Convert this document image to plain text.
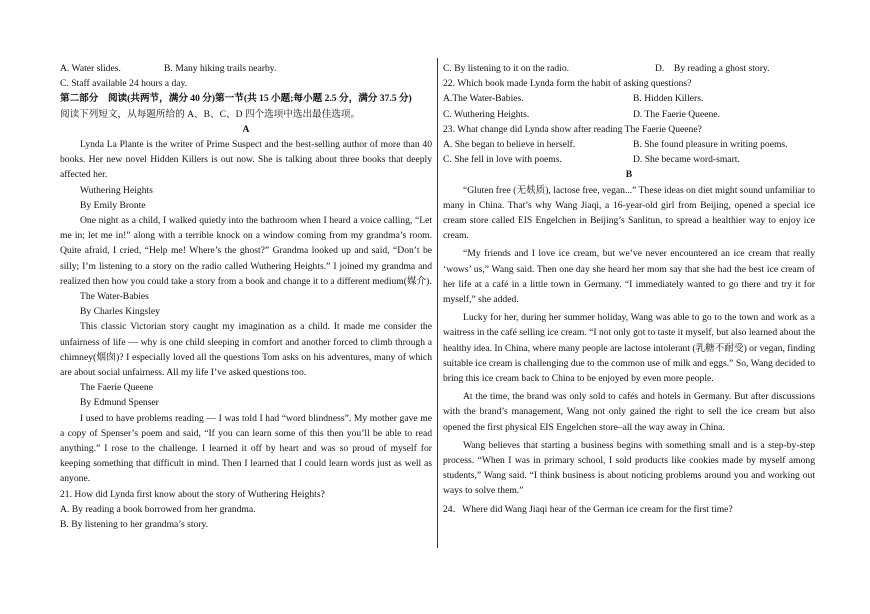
A. Water slides.	B. Many hiking trails nearby.
C. Staff available 24 hours a day.
第二部分　阅读(共两节，满分 40 分)第一节(共 15 小题;每小题 2.5 分，满分 37.5 分)
阅读下列短文，从每题所给的 A、B、C、D 四个选项中选出最佳选项。
A
Lynda La Plante is the writer of Prime Suspect and the best-selling author of more than 40 books. Her new novel Hidden Killers is out now. She is talking about three books that deeply affected her.
Wuthering Heights
By Emily Bronte
One night as a child, I walked quietly into the bathroom when I heard a voice calling, “Let me in; let me in!” along with a terrible knock on a window coming from my grandma’s room. Quite afraid, I cried, “Help me! Where’s the ghost?” Grandma looked up and said, “Don’t be silly; I’m listening to a story on the radio called Wuthering Heights.” I joined my grandma and realized then how you could take a story from a book and change it to a different medium(媒介).
The Water-Babies
By Charles Kingsley
This classic Victorian story caught my imagination as a child. It made me consider the unfairness of life — why is one child sleeping in comfort and another forced to climb through a chimney(烟囱)? I especially loved all the questions Tom asks on his adventures, many of which are about social unfairness. All my life I’ve asked questions too.
The Faerie Queene
By Edmund Spenser
I used to have problems reading — I was told I had “word blindness”. My mother gave me a copy of Spenser’s poem and said, “If you can learn some of this then you’ll be able to read anything.” I rose to the challenge. I learned it off by heart and was so proud of myself for keeping something that difficult in mind. Then I learned that I could learn words just as well as anyone.
21. How did Lynda first know about the story of Wuthering Heights?
A. By reading a book borrowed from her grandma.
B. By listening to her grandma’s story.
C. By listening to it on the radio.	D.　By reading a ghost story.
22. Which book made Lynda form the habit of asking questions?
A.The Water-Babies.	B. Hidden Killers.
C. Wuthering Heights.	D. The Faerie Queene.
23. What change did Lynda show after reading The Faerie Queene?
A. She began to believe in herself.	B. She found pleasure in writing poems.
C. She fell in love with poems.	D. She became word-smart.
B
“Gluten free (无麸质), lactose free, vegan...” These ideas on diet might sound unfamiliar to many in China. That’s why Wang Jiaqi, a 16-year-old girl from Beijing, opened a special ice cream store called EIS Engelchen in Beijing’s Sanlitun, to spread a healthier way to enjoy ice cream.
“My friends and I love ice cream, but we’ve never encountered an ice cream that really ‘wows’ us,” Wang said. Then one day she heard her mom say that she had the best ice cream of her life at a café in a little town in Germany. “I immediately wanted to go there and try it for myself,” she added.
Lucky for her, during her summer holiday, Wang was able to go to the town and work as a waitress in the café selling ice cream. “I not only got to taste it myself, but also learned about the healthy idea. In China, where many people are lactose intolerant (乳糖不耐受) or vegan, finding suitable ice cream is challenging due to the common use of milk and eggs.” So, Wang decided to bring this ice cream back to China to be enjoyed by even more people.
At the time, the brand was only sold to cafés and hotels in Germany. But after discussions with the brand’s management, Wang not only gained the right to sell the ice cream but also opened the first physical EIS Engelchen store–all the way away in China.
Wang believes that starting a business begins with something small and is a step-by-step process. “When I was in primary school, I sold products like cookies made by myself among students,” Wang said. “I think business is about noticing problems around you and working out ways to solve them.”
24．Where did Wang Jiaqi hear of the German ice cream for the first time?
